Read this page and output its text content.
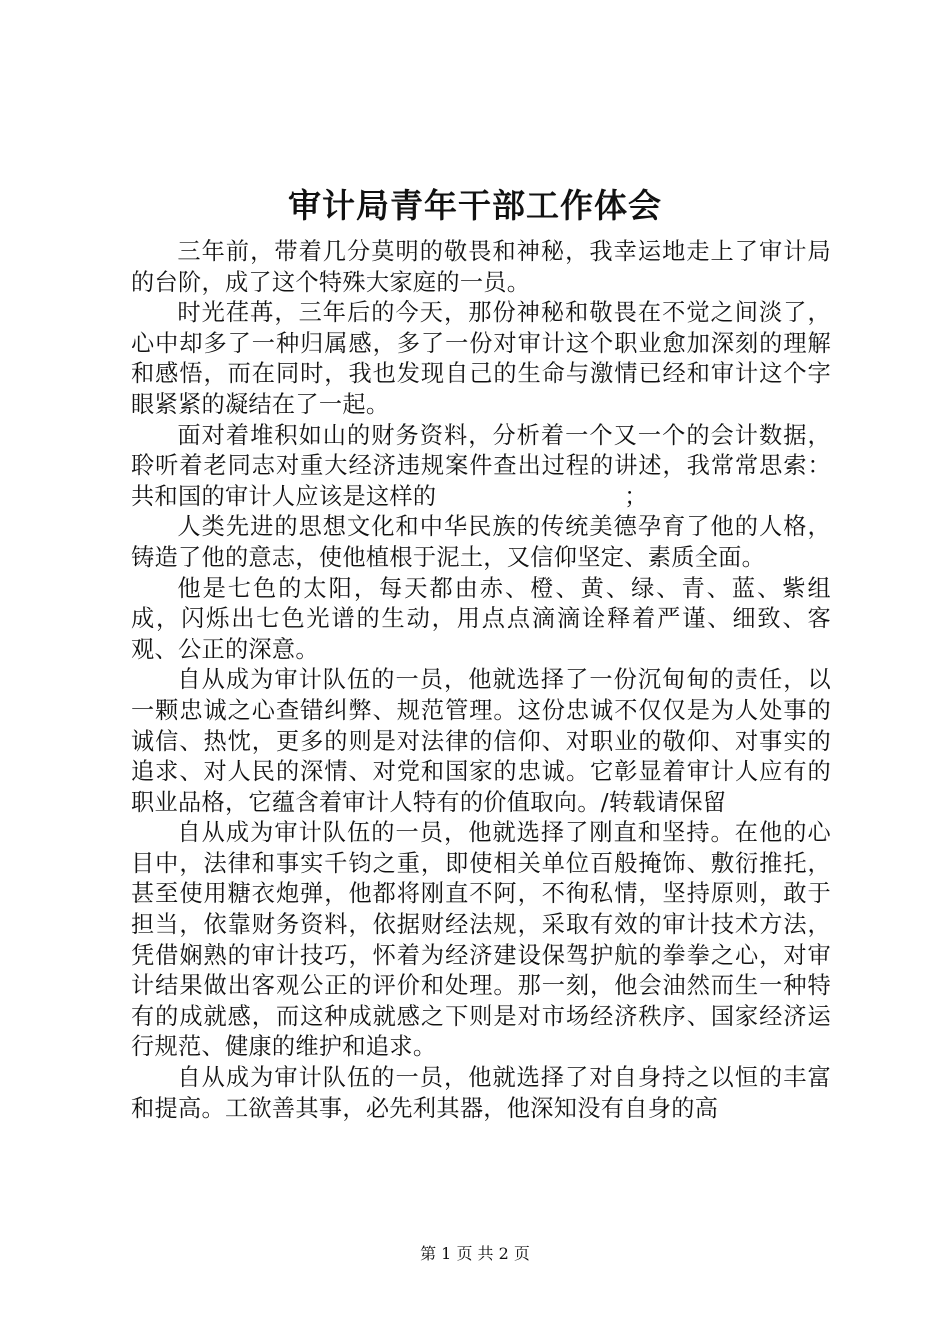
审计局青年干部工作体会

三年前，带着几分莫明的敬畏和神秘，我幸运地走上了审计局的台阶，成了这个特殊大家庭的一员。

时光荏苒，三年后的今天，那份神秘和敬畏在不觉之间淡了，心中却多了一种归属感，多了一份对审计这个职业愈加深刻的理解和感悟，而在同时，我也发现自己的生命与激情已经和审计这个字眼紧紧的凝结在了一起。

面对着堆积如山的财务资料，分析着一个又一个的会计数据，聆听着老同志对重大经济违规案件查出过程的讲述，我常常思索：共和国的审计人应该是这样的　　　　　　　　；

人类先进的思想文化和中华民族的传统美德孕育了他的人格，铸造了他的意志，使他植根于泥土，又信仰坚定、素质全面。

他是七色的太阳，每天都由赤、橙、黄、绿、青、蓝、紫组成，闪烁出七色光谱的生动，用点点滴滴诠释着严谨、细致、客观、公正的深意。

自从成为审计队伍的一员，他就选择了一份沉甸甸的责任，以一颗忠诚之心查错纠弊、规范管理。这份忠诚不仅仅是为人处事的诚信、热忱，更多的则是对法律的信仰、对职业的敬仰、对事实的追求、对人民的深情、对党和国家的忠诚。它彰显着审计人应有的职业品格，它蕴含着审计人特有的价值取向。/转载请保留

自从成为审计队伍的一员，他就选择了刚直和坚持。在他的心目中，法律和事实千钧之重，即使相关单位百般掩饰、敷衍推托，甚至使用糖衣炮弹，他都将刚直不阿，不徇私情，坚持原则，敢于担当，依靠财务资料，依据财经法规，采取有效的审计技术方法，凭借娴熟的审计技巧，怀着为经济建设保驾护航的拳拳之心，对审计结果做出客观公正的评价和处理。那一刻，他会油然而生一种特有的成就感，而这种成就感之下则是对市场经济秩序、国家经济运行规范、健康的维护和追求。

自从成为审计队伍的一员，他就选择了对自身持之以恒的丰富和提高。工欲善其事，必先利其器，他深知没有自身的高

第 1 页 共 2 页
